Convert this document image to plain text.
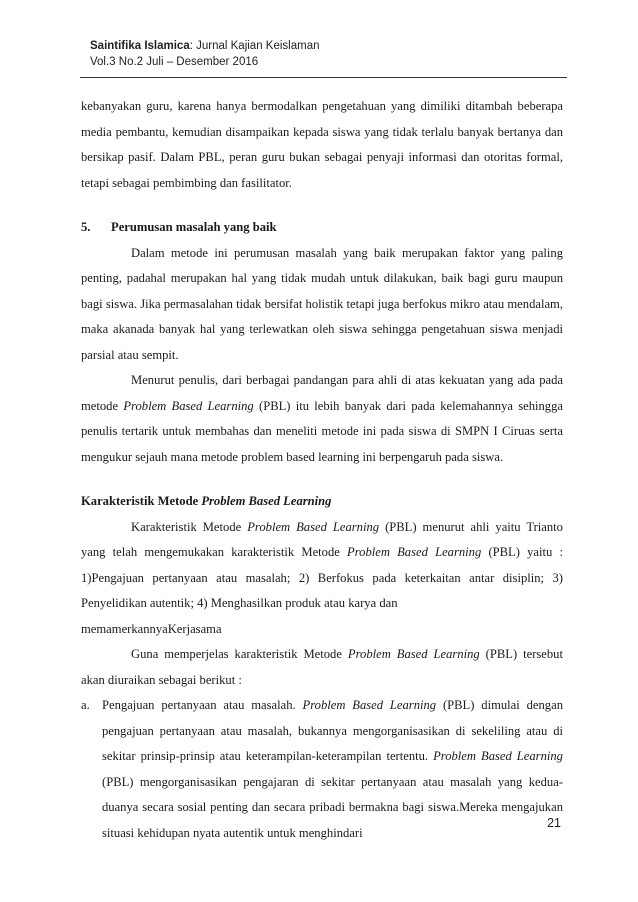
Saintifika Islamica: Jurnal Kajian Keislaman
Vol.3 No.2 Juli – Desember 2016

kebanyakan guru, karena hanya bermodalkan pengetahuan yang dimiliki ditambah beberapa media pembantu, kemudian disampaikan kepada siswa yang tidak terlalu banyak bertanya dan bersikap pasif. Dalam PBL, peran guru bukan sebagai penyaji informasi dan otoritas formal, tetapi sebagai pembimbing dan fasilitator.

5. Perumusan masalah yang baik

Dalam metode ini perumusan masalah yang baik merupakan faktor yang paling penting, padahal merupakan hal yang tidak mudah untuk dilakukan, baik bagi guru maupun bagi siswa. Jika permasalahan tidak bersifat holistik tetapi juga berfokus mikro atau mendalam, maka akanada banyak hal yang terlewatkan oleh siswa sehingga pengetahuan siswa menjadi parsial atau sempit.

Menurut penulis, dari berbagai pandangan para ahli di atas kekuatan yang ada pada metode Problem Based Learning (PBL) itu lebih banyak dari pada kelemahannya sehingga penulis tertarik untuk membahas dan meneliti metode ini pada siswa di SMPN I Ciruas serta mengukur sejauh mana metode problem based learning ini berpengaruh pada siswa.

Karakteristik Metode Problem Based Learning

Karakteristik Metode Problem Based Learning (PBL) menurut ahli yaitu Trianto yang telah mengemukakan karakteristik Metode Problem Based Learning (PBL) yaitu : 1)Pengajuan pertanyaan atau masalah; 2) Berfokus pada keterkaitan antar disiplin; 3) Penyelidikan autentik; 4) Menghasilkan produk atau karya dan

memamerkannyaKerjasama

Guna memperjelas karakteristik Metode Problem Based Learning (PBL) tersebut akan diuraikan sebagai berikut :

a. Pengajuan pertanyaan atau masalah. Problem Based Learning (PBL) dimulai dengan pengajuan pertanyaan atau masalah, bukannya mengorganisasikan di sekeliling atau di sekitar prinsip-prinsip atau keterampilan-keterampilan tertentu. Problem Based Learning (PBL) mengorganisasikan pengajaran di sekitar pertanyaan atau masalah yang kedua-duanya secara sosial penting dan secara pribadi bermakna bagi siswa.Mereka mengajukan situasi kehidupan nyata autentik untuk menghindari

21
